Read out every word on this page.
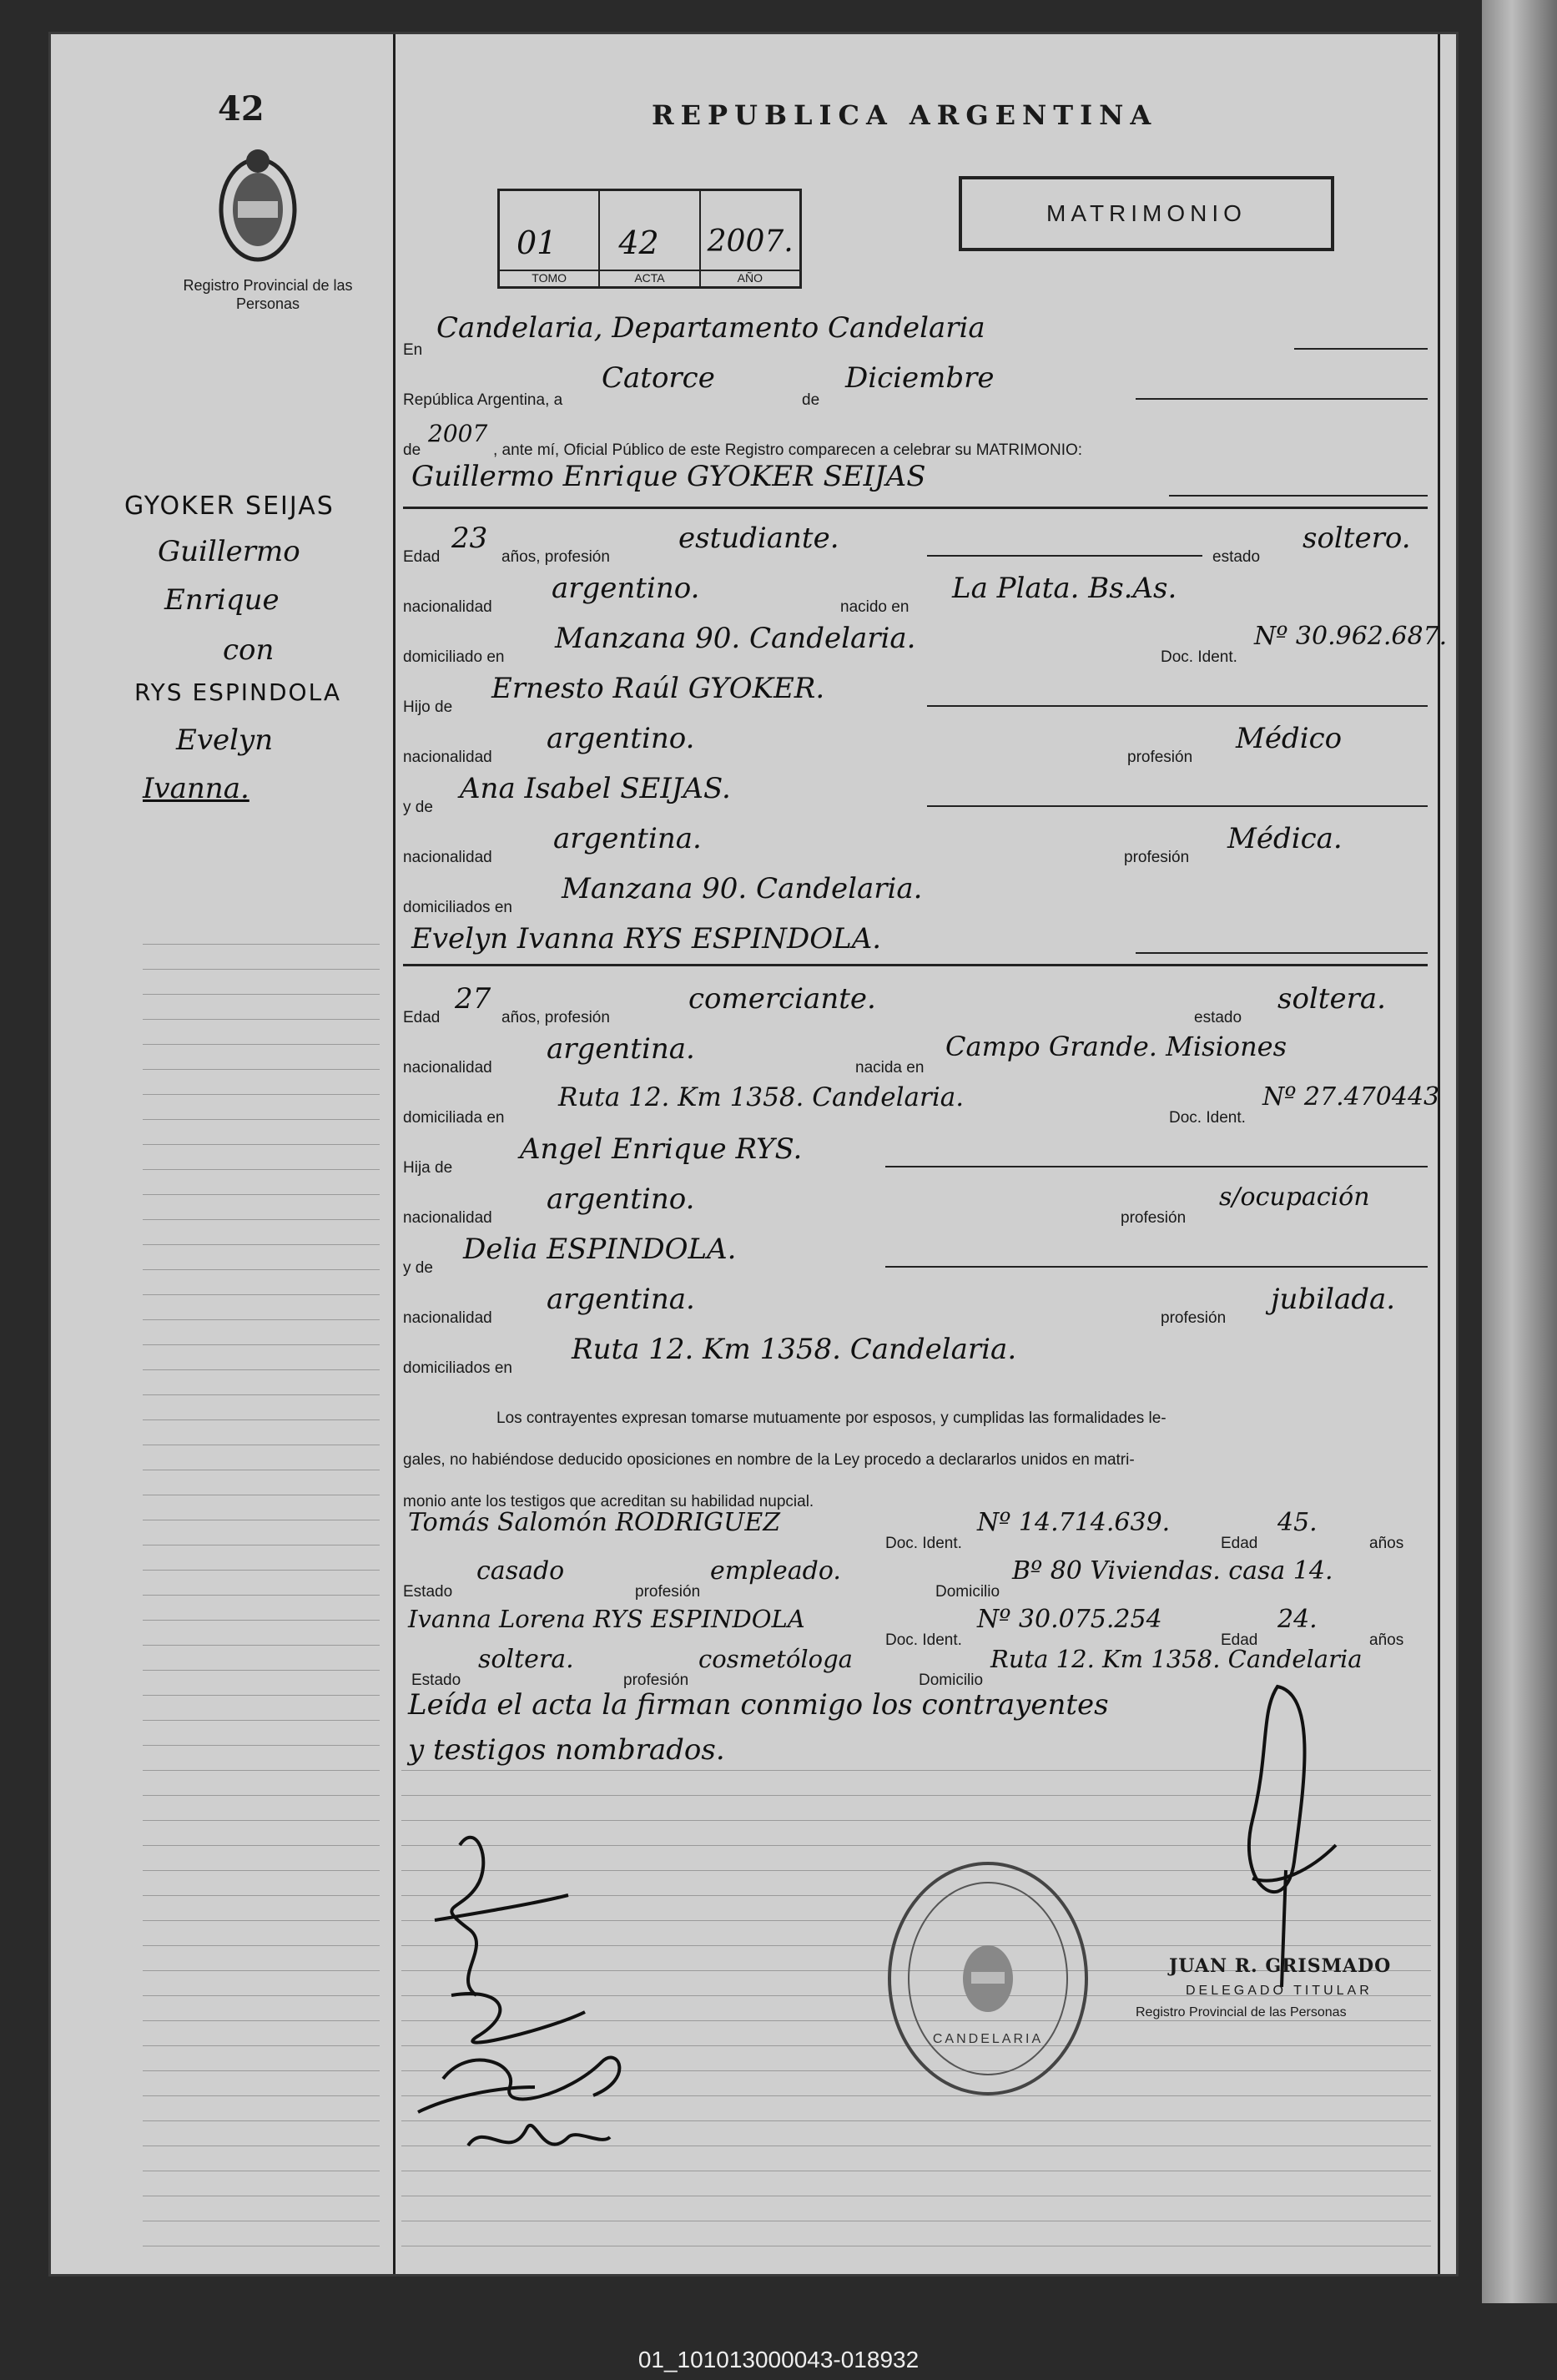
42
Registro Provincial de las Personas
REPUBLICA ARGENTINA
MATRIMONIO
01
TOMO
42
ACTA
2007.
AÑO
GYOKER SEIJAS
Guillermo
Enrique
con
RYS ESPINDOLA
Evelyn
Ivanna.
En
Candelaria, Departamento Candelaria
República Argentina, a
Catorce
de
Diciembre
de
2007
, ante mí, Oficial Público de este Registro comparecen a celebrar su MATRIMONIO:
Guillermo Enrique GYOKER SEIJAS
Edad
23
años, profesión
estudiante.
estado
soltero.
nacionalidad
argentino.
nacido en
La Plata. Bs.As.
domiciliado en
Manzana 90. Candelaria.
Doc. Ident.
Nº 30.962.687.
Hijo de
Ernesto Raúl GYOKER.
nacionalidad
argentino.
profesión
Médico
y de
Ana Isabel SEIJAS.
nacionalidad
argentina.
profesión
Médica.
domiciliados en
Manzana 90. Candelaria.
Evelyn Ivanna RYS ESPINDOLA.
Edad
27
años, profesión
comerciante.
estado
soltera.
nacionalidad
argentina.
nacida en
Campo Grande. Misiones
domiciliada en
Ruta 12. Km 1358. Candelaria.
Doc. Ident.
Nº 27.470443
Hija de
Angel Enrique RYS.
nacionalidad
argentino.
profesión
s/ocupación
y de
Delia ESPINDOLA.
nacionalidad
argentina.
profesión
jubilada.
domiciliados en
Ruta 12. Km 1358. Candelaria.
Los contrayentes expresan tomarse mutuamente por esposos, y cumplidas las formalidades le-
gales, no habiéndose deducido oposiciones en nombre de la Ley procedo a declararlos unidos en matri-
monio ante los testigos que acreditan su habilidad nupcial.
Tomás Salomón RODRIGUEZ
Doc. Ident.
Nº 14.714.639.
Edad
45.
años
Estado
casado
profesión
empleado.
Domicilio
Bº 80 Viviendas. casa 14.
Ivanna Lorena RYS ESPINDOLA
Doc. Ident.
Nº 30.075.254
Edad
24.
años
Estado
soltera.
profesión
cosmetóloga
Domicilio
Ruta 12. Km 1358. Candelaria
Leída el acta la firman conmigo los contrayentes
y testigos nombrados.
CANDELARIA
JUAN R. GRISMADO
DELEGADO TITULAR
Registro Provincial de las Personas
01_101013000043-018932
